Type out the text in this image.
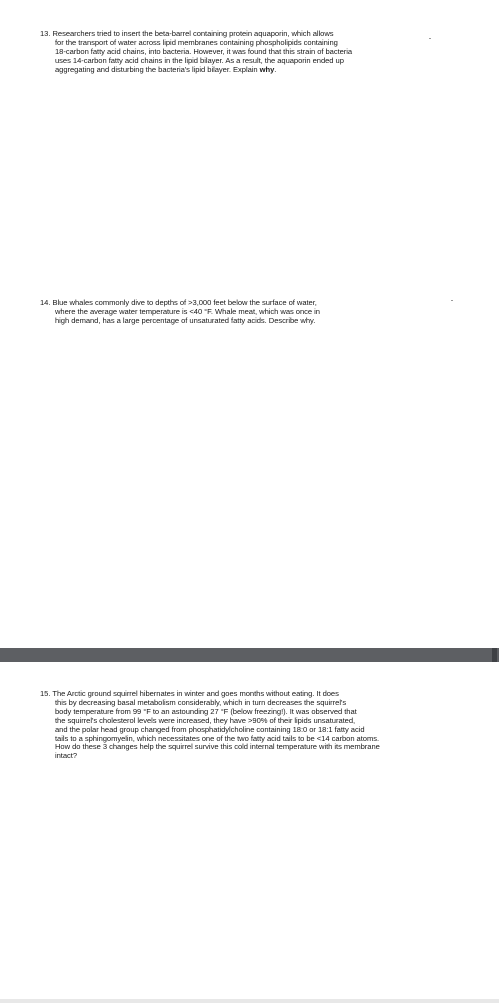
13. Researchers tried to insert the beta-barrel containing protein aquaporin, which allows
for the transport of water across lipid membranes containing phospholipids containing
18-carbon fatty acid chains, into bacteria. However, it was found that this strain of bacteria
uses 14-carbon fatty acid chains in the lipid bilayer. As a result, the aquaporin ended up
aggregating and disturbing the bacteria's lipid bilayer. Explain why.
14. Blue whales commonly dive to depths of >3,000 feet below the surface of water,
where the average water temperature is <40 °F. Whale meat, which was once in
high demand, has a large percentage of unsaturated fatty acids. Describe why.
15. The Arctic ground squirrel hibernates in winter and goes months without eating. It does
this by decreasing basal metabolism considerably, which in turn decreases the squirrel's
body temperature from 99 °F to an astounding 27 °F (below freezing!). It was observed that
the squirrel's cholesterol levels were increased, they have >90% of their lipids unsaturated,
and the polar head group changed from phosphatidylcholine containing 18:0 or 18:1 fatty acid
tails to a sphingomyelin, which necessitates one of the two fatty acid tails to be <14 carbon atoms.
How do these 3 changes help the squirrel survive this cold internal temperature with its membrane
intact?
